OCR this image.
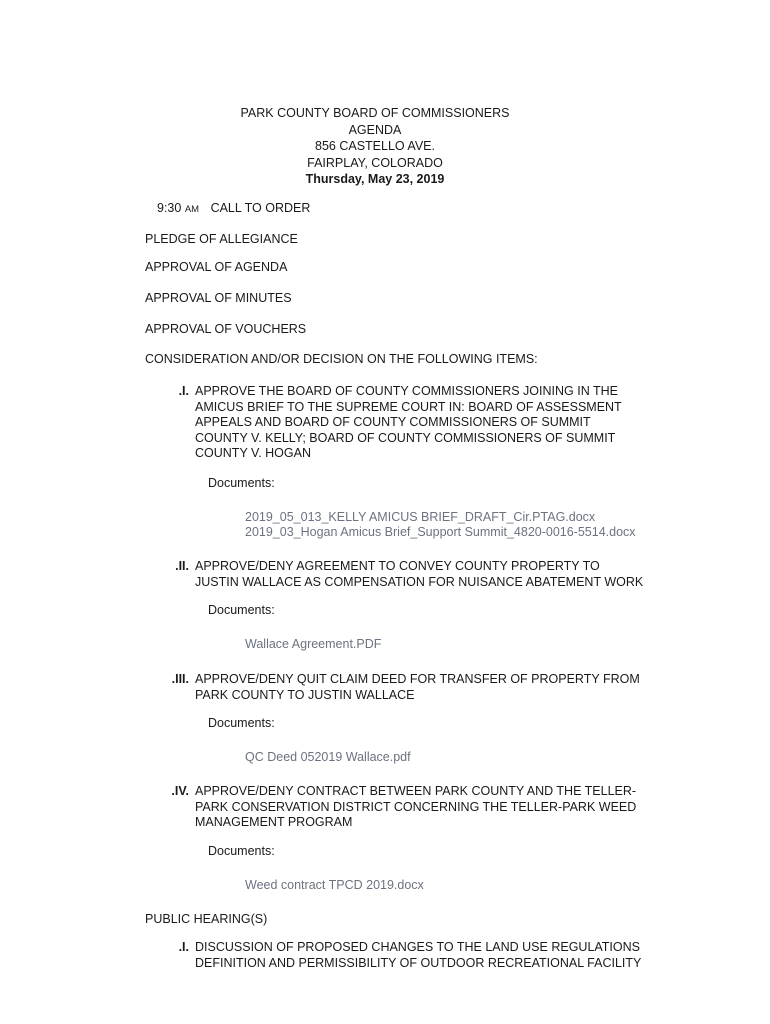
PARK COUNTY BOARD OF COMMISSIONERS
AGENDA
856 CASTELLO AVE.
FAIRPLAY, COLORADO
Thursday, May 23, 2019
9:30 AM CALL TO ORDER
PLEDGE OF ALLEGIANCE
APPROVAL OF AGENDA
APPROVAL OF MINUTES
APPROVAL OF VOUCHERS
CONSIDERATION AND/OR DECISION ON THE FOLLOWING ITEMS:
.I. APPROVE THE BOARD OF COUNTY COMMISSIONERS JOINING IN THE AMICUS BRIEF TO THE SUPREME COURT IN: BOARD OF ASSESSMENT APPEALS AND BOARD OF COUNTY COMMISSIONERS OF SUMMIT COUNTY V. KELLY; BOARD OF COUNTY COMMISSIONERS OF SUMMIT COUNTY V. HOGAN
Documents:
2019_05_013_KELLY AMICUS BRIEF_DRAFT_Cir.PTAG.docx
2019_03_Hogan Amicus Brief_Support Summit_4820-0016-5514.docx
.II. APPROVE/DENY AGREEMENT TO CONVEY COUNTY PROPERTY TO JUSTIN WALLACE AS COMPENSATION FOR NUISANCE ABATEMENT WORK
Documents:
Wallace Agreement.PDF
.III. APPROVE/DENY QUIT CLAIM DEED FOR TRANSFER OF PROPERTY FROM PARK COUNTY TO JUSTIN WALLACE
Documents:
QC Deed 052019 Wallace.pdf
.IV. APPROVE/DENY CONTRACT BETWEEN PARK COUNTY AND THE TELLER-PARK CONSERVATION DISTRICT CONCERNING THE TELLER-PARK WEED MANAGEMENT PROGRAM
Documents:
Weed contract TPCD 2019.docx
PUBLIC HEARING(S)
.I. DISCUSSION OF PROPOSED CHANGES TO THE LAND USE REGULATIONS DEFINITION AND PERMISSIBILITY OF OUTDOOR RECREATIONAL FACILITY
